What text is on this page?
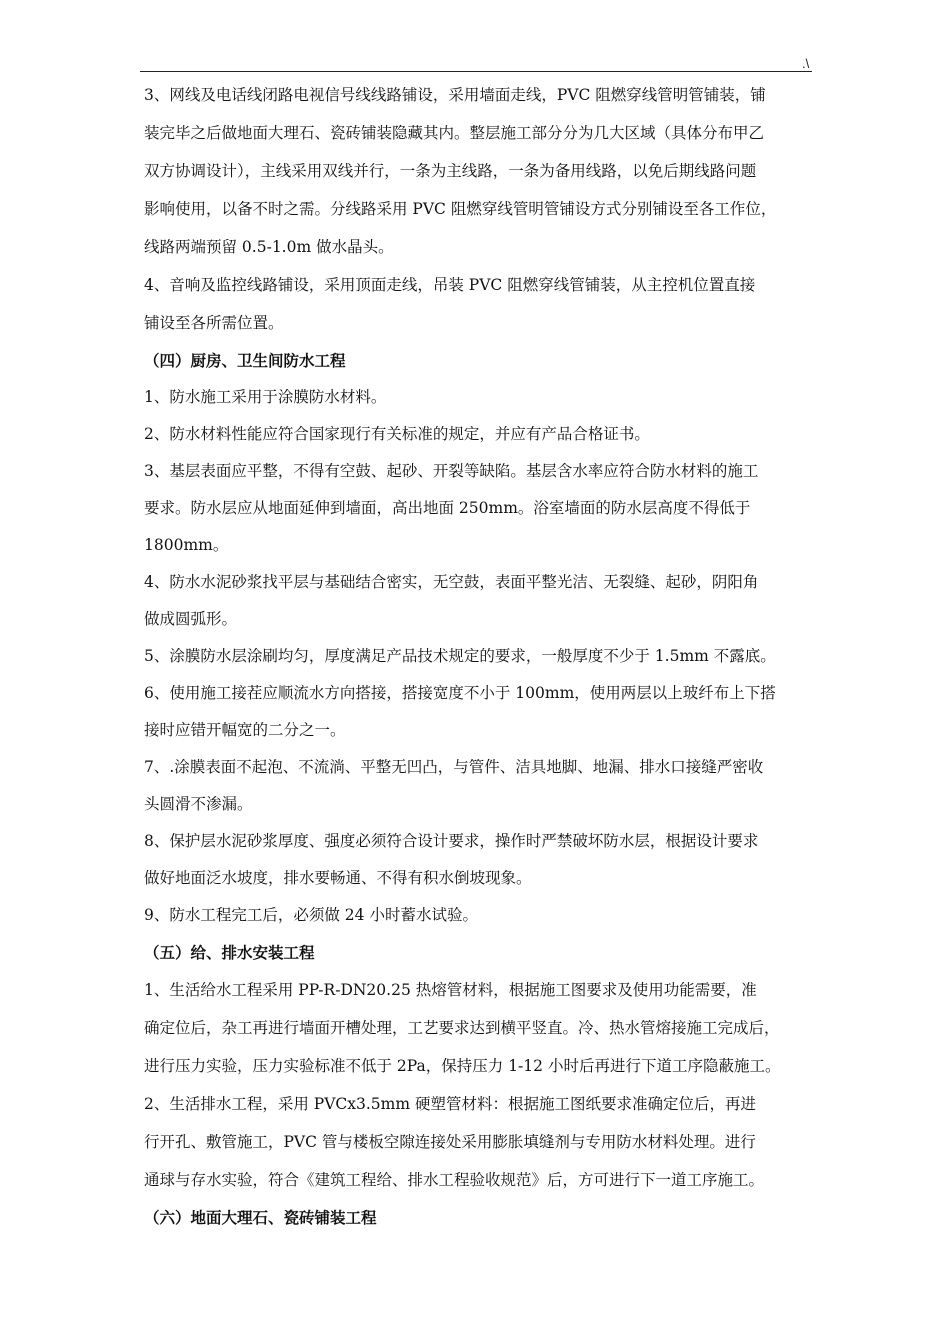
.\

3、网线及电话线闭路电视信号线线路铺设，采用墙面走线，PVC 阻燃穿线管明管铺装，铺

装完毕之后做地面大理石、瓷砖铺装隐藏其内。整层施工部分分为几大区域（具体分布甲乙

双方协调设计），主线采用双线并行，一条为主线路，一条为备用线路，以免后期线路问题

影响使用，以备不时之需。分线路采用 PVC 阻燃穿线管明管铺设方式分别铺设至各工作位，

线路两端预留 0.5-1.0m 做水晶头。

4、音响及监控线路铺设，采用顶面走线，吊装 PVC 阻燃穿线管铺装，从主控机位置直接

铺设至各所需位置。

（四）厨房、卫生间防水工程

1、防水施工采用于涂膜防水材料。

2、防水材料性能应符合国家现行有关标准的规定，并应有产品合格证书。

3、基层表面应平整，不得有空鼓、起砂、开裂等缺陷。基层含水率应符合防水材料的施工

要求。防水层应从地面延伸到墙面，高出地面 250mm。浴室墙面的防水层高度不得低于

1800mm。

4、防水水泥砂浆找平层与基础结合密实，无空鼓，表面平整光洁、无裂缝、起砂，阴阳角

做成圆弧形。

5、涂膜防水层涂刷均匀，厚度满足产品技术规定的要求，一般厚度不少于 1.5mm 不露底。

6、使用施工接茬应顺流水方向搭接，搭接宽度不小于 100mm，使用两层以上玻纤布上下搭

接时应错开幅宽的二分之一。

7、.涂膜表面不起泡、不流淌、平整无凹凸，与管件、洁具地脚、地漏、排水口接缝严密收

头圆滑不渗漏。

8、保护层水泥砂浆厚度、强度必须符合设计要求，操作时严禁破坏防水层，根据设计要求

做好地面泛水坡度，排水要畅通、不得有积水倒坡现象。

9、防水工程完工后，必须做 24 小时蓄水试验。

（五）给、排水安装工程

1、生活给水工程采用 PP-R-DN20.25 热熔管材料，根据施工图要求及使用功能需要，准

确定位后，杂工再进行墙面开槽处理，工艺要求达到横平竖直。冷、热水管熔接施工完成后，

进行压力实验，压力实验标准不低于 2Pa，保持压力 1-12 小时后再进行下道工序隐蔽施工。

2、生活排水工程，采用 PVCx3.5mm 硬塑管材料：根据施工图纸要求准确定位后，再进

行开孔、敷管施工，PVC 管与楼板空隙连接处采用膨胀填缝剂与专用防水材料处理。进行

通球与存水实验，符合《建筑工程给、排水工程验收规范》后，方可进行下一道工序施工。

（六）地面大理石、瓷砖铺装工程
